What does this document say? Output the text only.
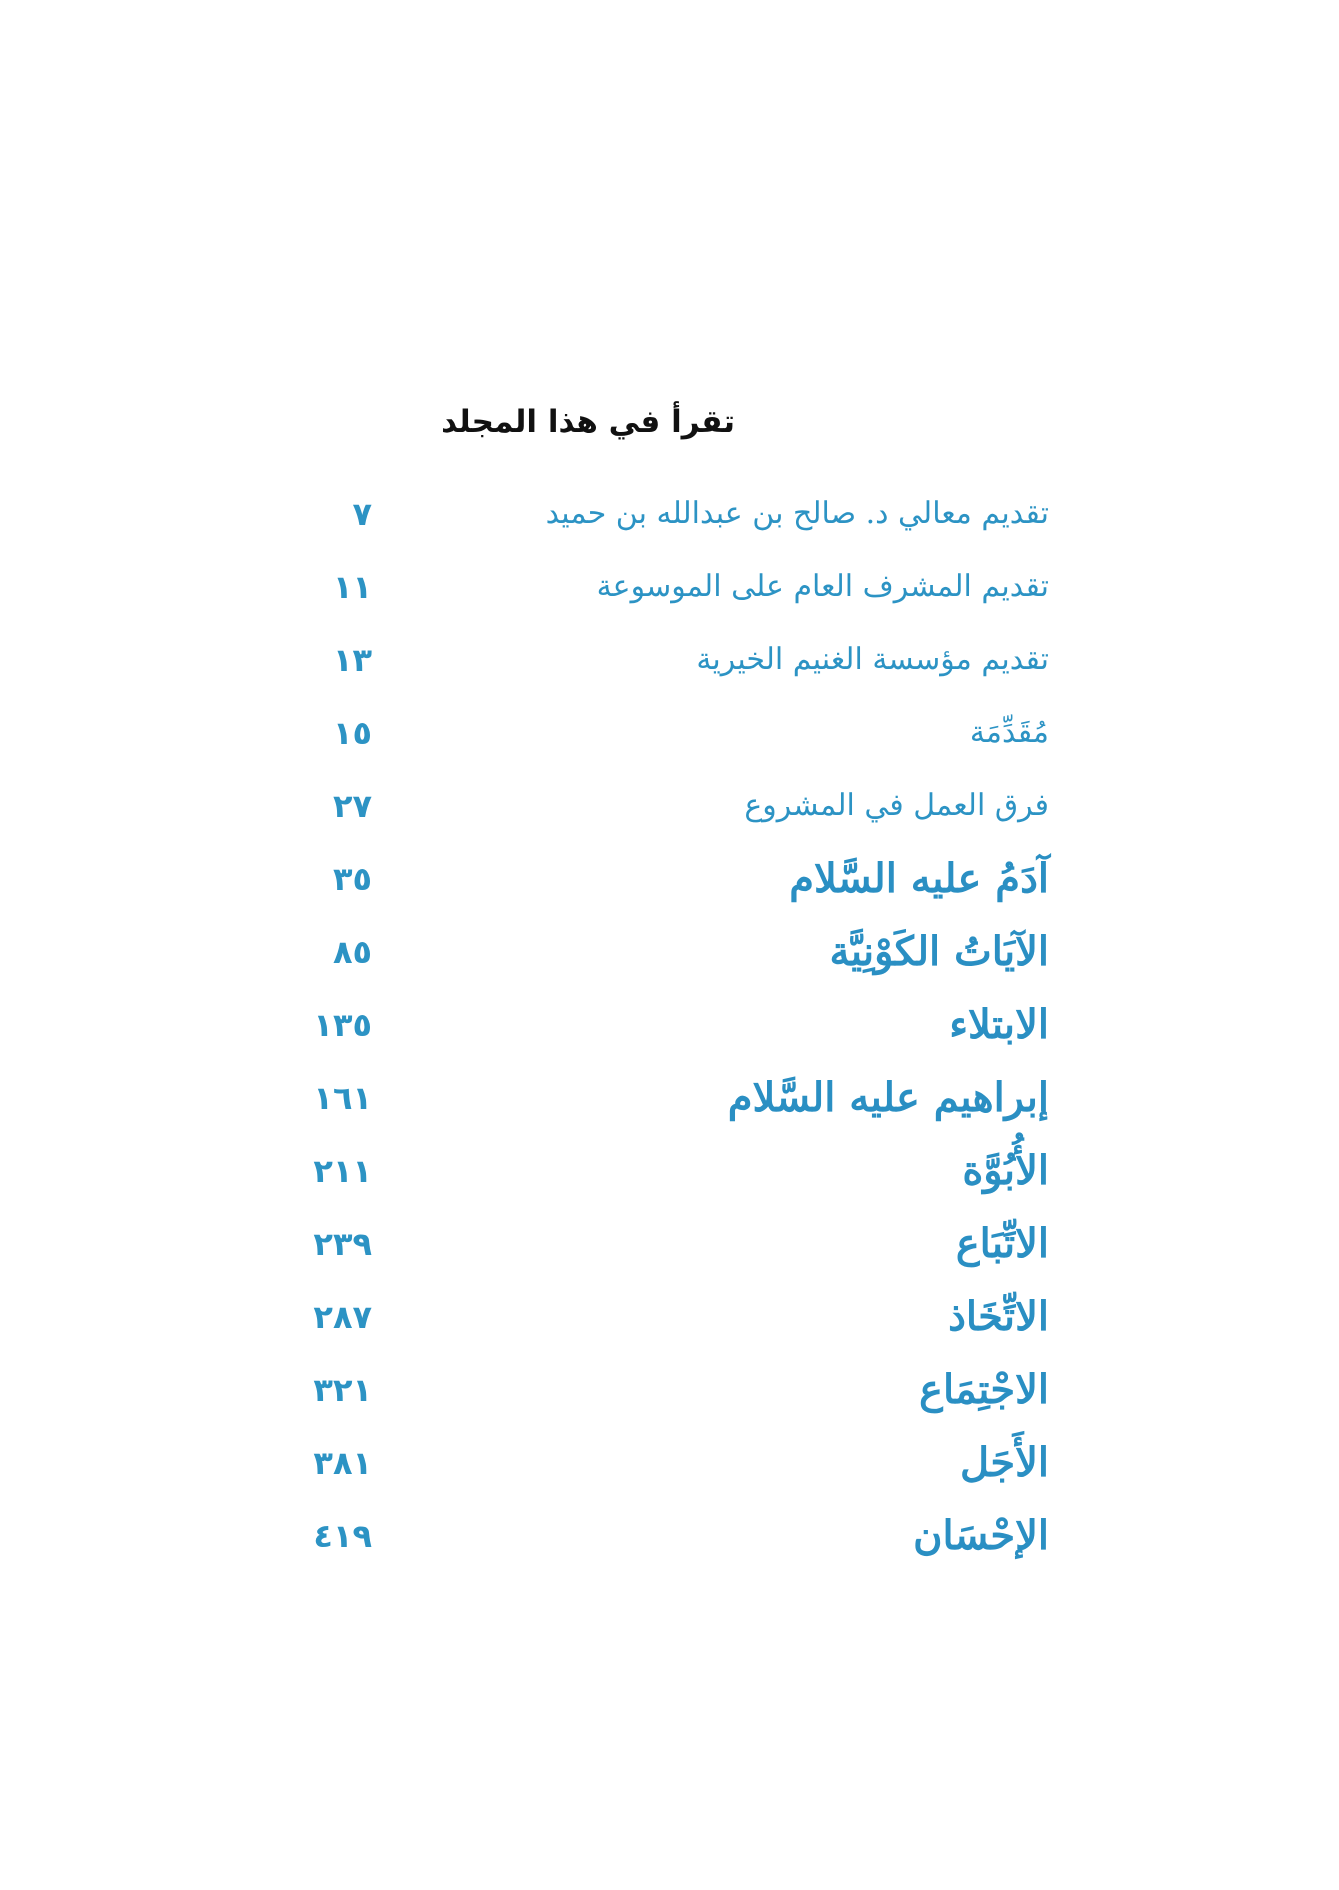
تقرأ في هذا المجلد
تقديم معالي د. صالح بن عبدالله بن حميد
٧
تقديم المشرف العام على الموسوعة
١١
تقديم مؤسسة الغنيم الخيرية
١٣
مُقَدِّمَة
١٥
فرق العمل في المشروع
٢٧
آدَمُ عليه السَّلام
٣٥
الآيَاتُ الكَوْنِيَّة
٨٥
الابتلاء
١٣٥
إبراهيم عليه السَّلام
١٦١
الأُبُوَّة
٢١١
الاتِّبَاع
٢٣٩
الاتِّخَاذ
٢٨٧
الاجْتِمَاع
٣٢١
الأَجَل
٣٨١
الإحْسَان
٤١٩
